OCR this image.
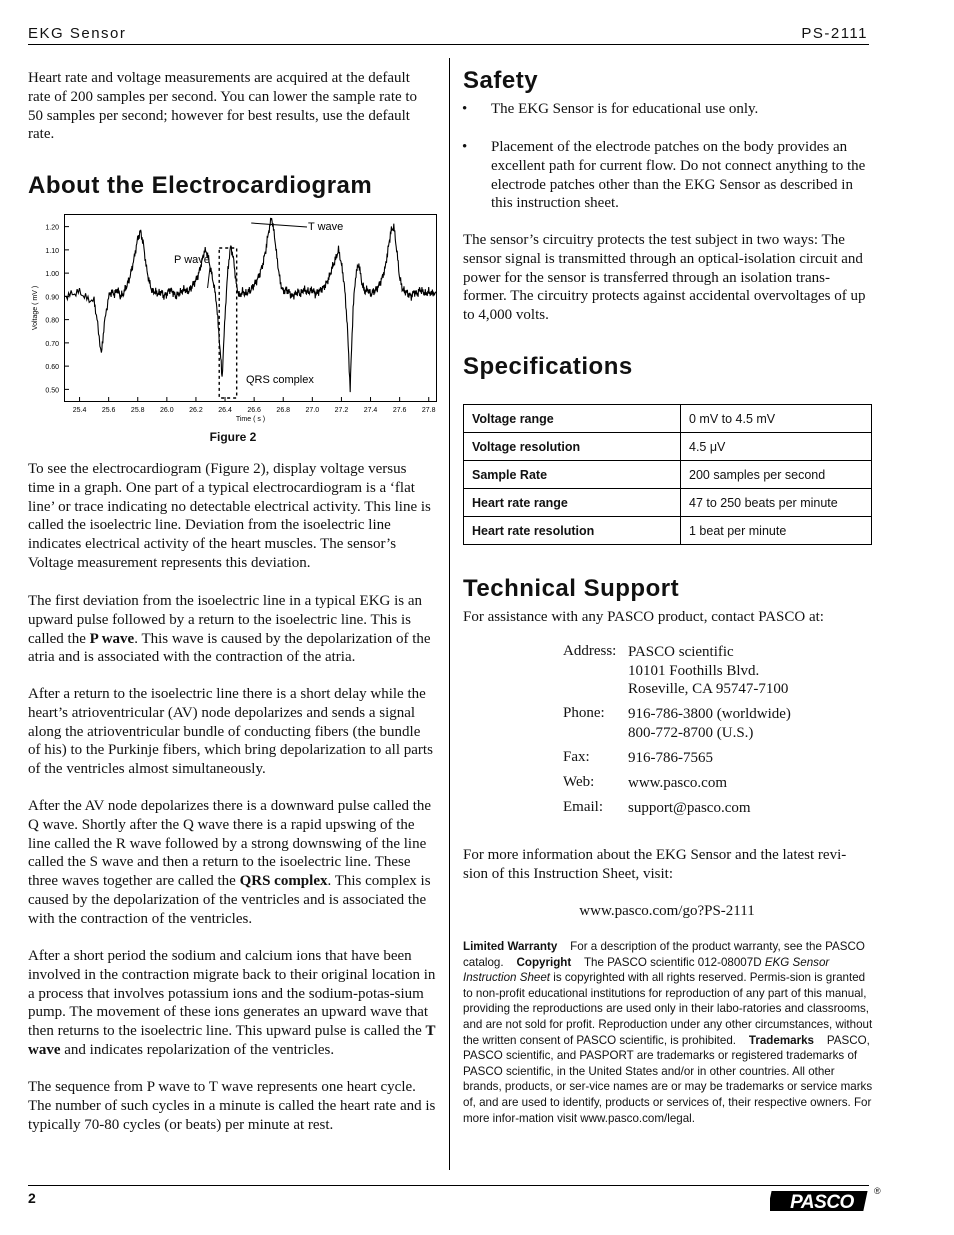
EKG Sensor	PS-2111

Heart rate and voltage measurements are acquired at the default rate of 200 samples per second. You can lower the sample rate to 50 samples per second; however for best results, use the default rate.

About the Electrocardiogram
1.20
1.10
1.00
0.90
0.80
0.70
0.60
0.50
25.4 25.6 25.8 26.0 26.2 26.4 26.6 26.8 27.0 27.2 27.4 27.6 27.8
Time ( s )
Voltage ( mV )
T wave
P wave
QRS complex
Figure 2

To see the electrocardiogram (Figure 2), display voltage versus time in a graph. One part of a typical electrocardiogram is a ‘flat line’ or trace indicating no detectable electrical activity. This line is called the isoelectric line. Deviation from the isoelectric line indicates electrical activity of the heart muscles. The sensor’s Voltage measurement represents this deviation.

The first deviation from the isoelectric line in a typical EKG is an upward pulse followed by a return to the isoelectric line. This is called the P wave. This wave is caused by the depolarization of the atria and is associated with the contraction of the atria.

After a return to the isoelectric line there is a short delay while the heart’s atrioventricular (AV) node depolarizes and sends a signal along the atrioventricular bundle of conducting fibers (the bundle of his) to the Purkinje fibers, which bring depolarization to all parts of the ventricles almost simultaneously.

After the AV node depolarizes there is a downward pulse called the Q wave. Shortly after the Q wave there is a rapid upswing of the line called the R wave followed by a strong downswing of the line called the S wave and then a return to the isoelectric line. These three waves together are called the QRS complex. This complex is caused by the depolarization of the ventricles and is associated the with the contraction of the ventricles.

After a short period the sodium and calcium ions that have been involved in the contraction migrate back to their original location in a process that involves potassium ions and the sodium-potas-sium pump. The movement of these ions generates an upward wave that then returns to the isoelectric line. This upward pulse is called the T wave and indicates repolarization of the ventricles.

The sequence from P wave to T wave represents one heart cycle. The number of such cycles in a minute is called the heart rate and is typically 70-80 cycles (or beats) per minute at rest.

Safety
• The EKG Sensor is for educational use only.
• Placement of the electrode patches on the body provides an excellent path for current flow. Do not connect anything to the electrode patches other than the EKG Sensor as described in this instruction sheet.

The sensor’s circuitry protects the test subject in two ways: The sensor signal is transmitted through an optical-isolation circuit and power for the sensor is transferred through an isolation trans-former. The circuitry protects against accidental overvoltages of up to 4,000 volts.

Specifications
Voltage range	0 mV to 4.5 mV
Voltage resolution	4.5 μV
Sample Rate	200 samples per second
Heart rate range	47 to 250 beats per minute
Heart rate resolution	1 beat per minute
Technical Support

For assistance with any PASCO product, contact PASCO at:

Address: PASCO scientific
10101 Foothills Blvd.
Roseville, CA 95747-7100
Phone: 916-786-3800 (worldwide)
800-772-8700 (U.S.)
Fax:	916-786-7565
Web: www.pasco.com
Email: support@pasco.com

For more information about the EKG Sensor and the latest revi-sion of this Instruction Sheet, visit:

www.pasco.com/go?PS-2111
Limited Warranty For a description of the product warranty, see the PASCO catalog. Copyright The PASCO scientific 012-08007D EKG Sensor Instruction Sheet is copyrighted with all rights reserved. Permis-sion is granted to non-profit educational institutions for reproduction of any part of this manual, providing the reproductions are used only in their labo-ratories and classrooms, and are not sold for profit. Reproduction under any other circumstances, without the written consent of PASCO scientific, is prohibited. Trademarks PASCO, PASCO scientific, and PASPORT are trademarks or registered trademarks of PASCO scientific, in the United States and/or in other countries. All other brands, products, or ser-vice names are or may be trademarks or service marks of, and are used to identify, products or services of, their respective owners. For more infor-mation visit www.pasco.com/legal.
2	PASCO
®
